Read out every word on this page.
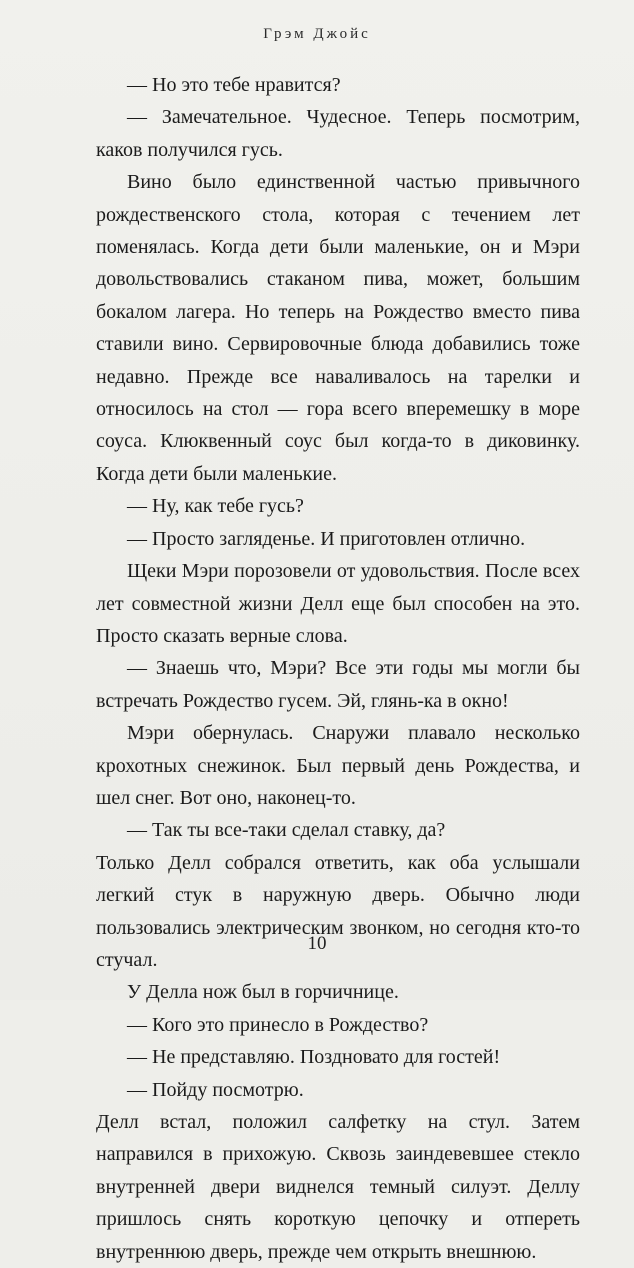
Грэм Джойс

— Но это тебе нравится?

— Замечательное. Чудесное. Теперь посмотрим, каков получился гусь.

Вино было единственной частью привычного рождественского стола, которая с течением лет поменялась. Когда дети были маленькие, он и Мэри довольствовались стаканом пива, может, большим бокалом лагера. Но теперь на Рождество вместо пива ставили вино. Сервировочные блюда добавились тоже недавно. Прежде все наваливалось на тарелки и относилось на стол — гора всего вперемешку в море соуса. Клюквенный соус был когда-то в диковинку. Когда дети были маленькие.

— Ну, как тебе гусь?

— Просто загляденье. И приготовлен отлично.

Щеки Мэри порозовели от удовольствия. После всех лет совместной жизни Делл еще был способен на это. Просто сказать верные слова.

— Знаешь что, Мэри? Все эти годы мы могли бы встречать Рождество гусем. Эй, глянь-ка в окно!

Мэри обернулась. Снаружи плавало несколько крохотных снежинок. Был первый день Рождества, и шел снег. Вот оно, наконец-то.

— Так ты все-таки сделал ставку, да?

Только Делл собрался ответить, как оба услышали легкий стук в наружную дверь. Обычно люди пользовались электрическим звонком, но сегодня кто-то стучал.

У Делла нож был в горчичнице.

— Кого это принесло в Рождество?

— Не представляю. Поздновато для гостей!

— Пойду посмотрю.

Делл встал, положил салфетку на стул. Затем направился в прихожую. Сквозь заиндевевшее стекло внутренней двери виднелся темный силуэт. Деллу пришлось снять короткую цепочку и отпереть внутреннюю дверь, прежде чем открыть внешнюю.

10
